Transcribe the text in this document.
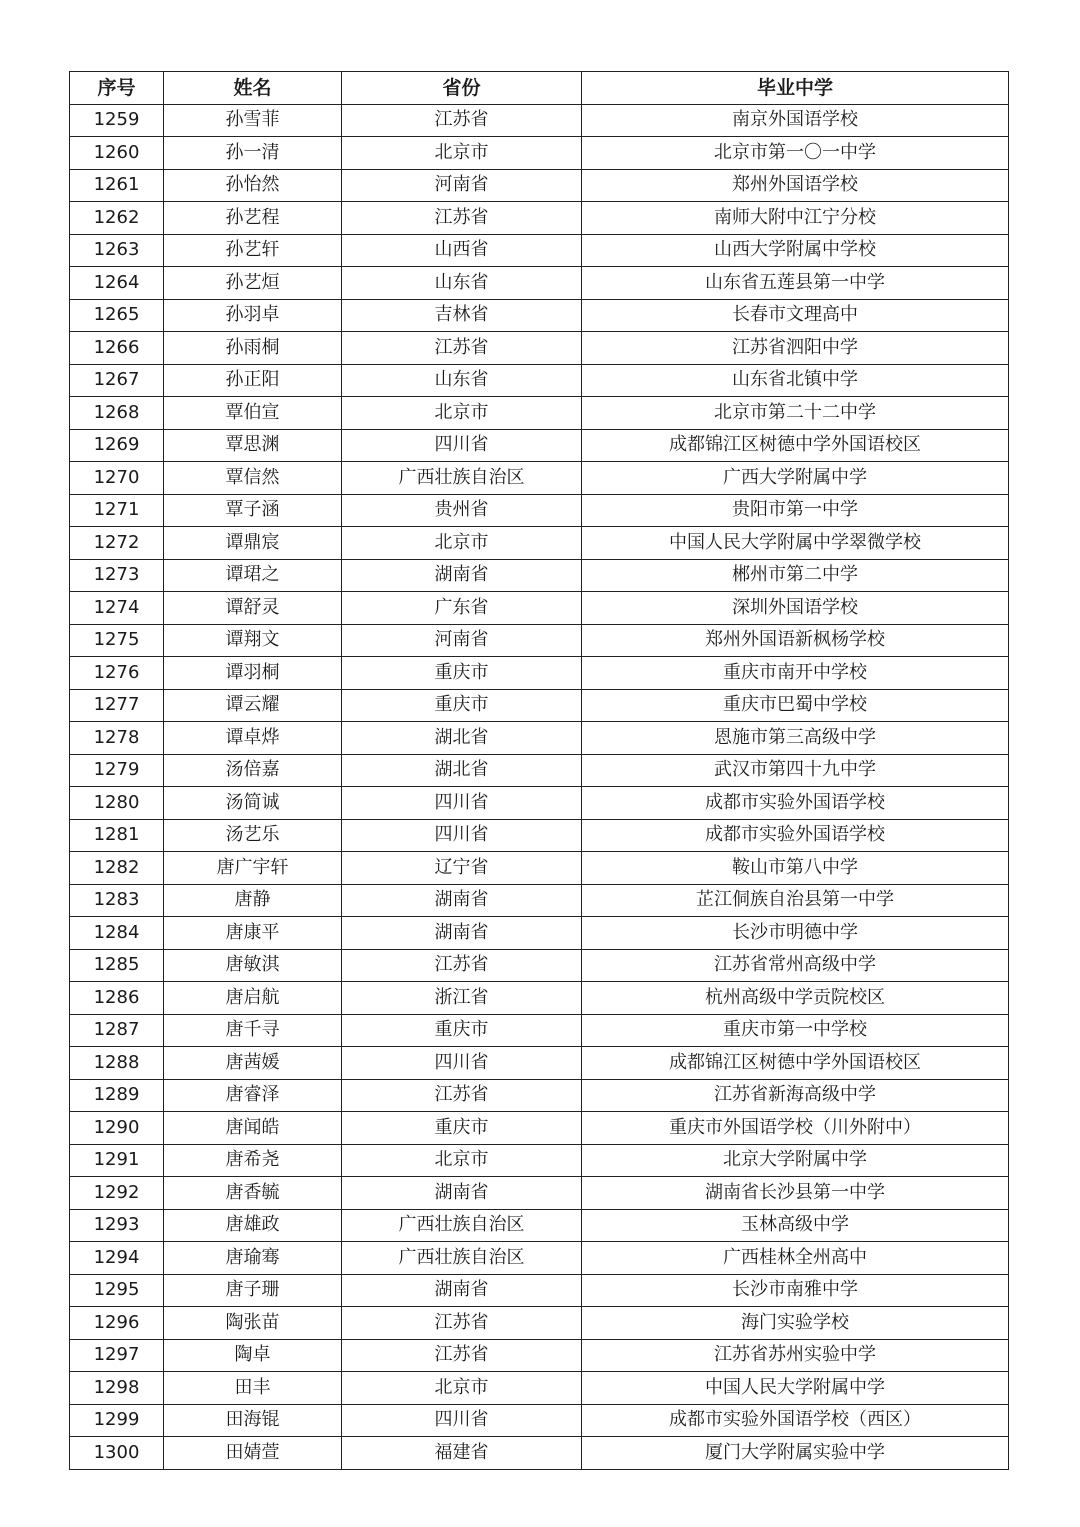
序号	姓名	省份	毕业中学
1259	孙雪菲	江苏省	南京外国语学校
1260	孙一清	北京市	北京市第一〇一中学
1261	孙怡然	河南省	郑州外国语学校
1262	孙艺程	江苏省	南师大附中江宁分校
1263	孙艺轩	山西省	山西大学附属中学校
1264	孙艺烜	山东省	山东省五莲县第一中学
1265	孙羽卓	吉林省	长春市文理高中
1266	孙雨桐	江苏省	江苏省泗阳中学
1267	孙正阳	山东省	山东省北镇中学
1268	覃伯宣	北京市	北京市第二十二中学
1269	覃思渊	四川省	成都锦江区树德中学外国语校区
1270	覃信然	广西壮族自治区	广西大学附属中学
1271	覃子涵	贵州省	贵阳市第一中学
1272	谭鼎宸	北京市	中国人民大学附属中学翠微学校
1273	谭珺之	湖南省	郴州市第二中学
1274	谭舒灵	广东省	深圳外国语学校
1275	谭翔文	河南省	郑州外国语新枫杨学校
1276	谭羽桐	重庆市	重庆市南开中学校
1277	谭云耀	重庆市	重庆市巴蜀中学校
1278	谭卓烨	湖北省	恩施市第三高级中学
1279	汤倍嘉	湖北省	武汉市第四十九中学
1280	汤简诚	四川省	成都市实验外国语学校
1281	汤艺乐	四川省	成都市实验外国语学校
1282	唐广宇轩	辽宁省	鞍山市第八中学
1283	唐静	湖南省	芷江侗族自治县第一中学
1284	唐康平	湖南省	长沙市明德中学
1285	唐敏淇	江苏省	江苏省常州高级中学
1286	唐启航	浙江省	杭州高级中学贡院校区
1287	唐千寻	重庆市	重庆市第一中学校
1288	唐茜媛	四川省	成都锦江区树德中学外国语校区
1289	唐睿泽	江苏省	江苏省新海高级中学
1290	唐闻皓	重庆市	重庆市外国语学校（川外附中）
1291	唐希尧	北京市	北京大学附属中学
1292	唐香毓	湖南省	湖南省长沙县第一中学
1293	唐雄政	广西壮族自治区	玉林高级中学
1294	唐瑜骞	广西壮族自治区	广西桂林全州高中
1295	唐子珊	湖南省	长沙市南雅中学
1296	陶张苗	江苏省	海门实验学校
1297	陶卓	江苏省	江苏省苏州实验中学
1298	田丰	北京市	中国人民大学附属中学
1299	田海锟	四川省	成都市实验外国语学校（西区）
1300	田婧萱	福建省	厦门大学附属实验中学
